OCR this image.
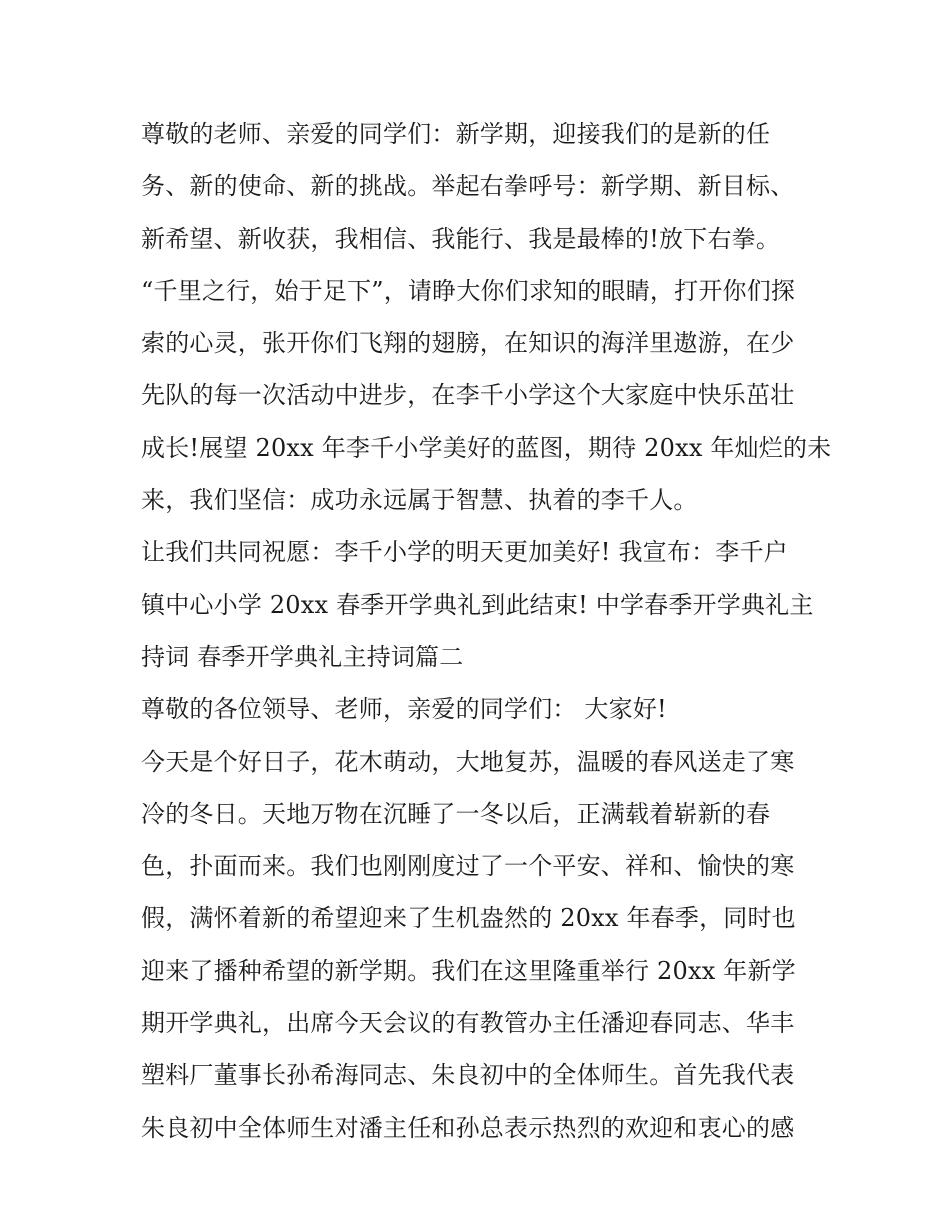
尊敬的老师、亲爱的同学们：新学期，迎接我们的是新的任
务、新的使命、新的挑战。举起右拳呼号：新学期、新目标、
新希望、新收获，我相信、我能行、我是最棒的!放下右拳。
“千里之行，始于足下”，请睁大你们求知的眼睛，打开你们探
索的心灵，张开你们飞翔的翅膀，在知识的海洋里遨游，在少
先队的每一次活动中进步，在李千小学这个大家庭中快乐茁壮
成长!展望 20xx 年李千小学美好的蓝图，期待 20xx 年灿烂的未
来，我们坚信：成功永远属于智慧、执着的李千人。
让我们共同祝愿：李千小学的明天更加美好! 我宣布：李千户
镇中心小学 20xx 春季开学典礼到此结束! 中学春季开学典礼主
持词 春季开学典礼主持词篇二
尊敬的各位领导、老师，亲爱的同学们： 大家好!
今天是个好日子，花木萌动，大地复苏，温暖的春风送走了寒
冷的冬日。天地万物在沉睡了一冬以后，正满载着崭新的春
色，扑面而来。我们也刚刚度过了一个平安、祥和、愉快的寒
假，满怀着新的希望迎来了生机盎然的 20xx 年春季，同时也
迎来了播种希望的新学期。我们在这里隆重举行 20xx 年新学
期开学典礼，出席今天会议的有教管办主任潘迎春同志、华丰
塑料厂董事长孙希海同志、朱良初中的全体师生。首先我代表
朱良初中全体师生对潘主任和孙总表示热烈的欢迎和衷心的感
